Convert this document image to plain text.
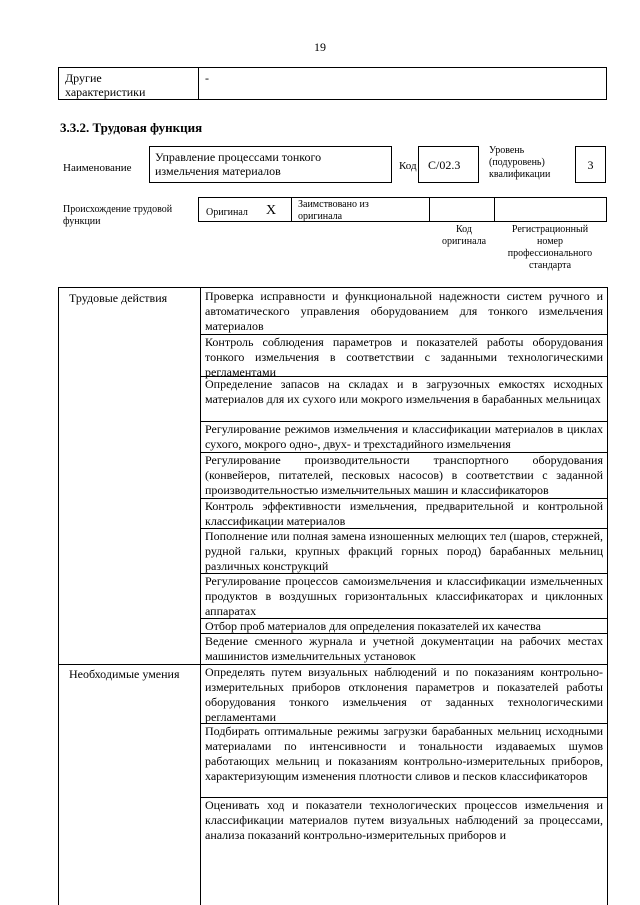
19
Другие характеристики
-
3.3.2. Трудовая функция
Наименование
Управление процессами тонкого измельчения материалов	Код C/02.3
Уровень (подуровень) квалификации
3
Происхождение трудовой функции
Оригинал X Заимствовано из оригинала
Код оригинала
Регистрационный номер профессионального стандарта
Трудовые действия	Проверка исправности и функциональной надежности систем ручного и автоматического управления оборудованием для тонкого измельчения материалов
Контроль соблюдения параметров и показателей работы оборудования тонкого измельчения в соответствии с заданными технологическими регламентами
Определение запасов на складах и в загрузочных емкостях исходных материалов для их сухого или мокрого измельчения в барабанных мельницах
Регулирование режимов измельчения и классификации материалов в циклах сухого, мокрого одно-, двух- и трехстадийного измельчения
Регулирование производительности транспортного оборудования (конвейеров, питателей, песковых насосов) в соответствии с заданной производительностью измельчительных машин и классификаторов
Контроль эффективности измельчения, предварительной и контрольной классификации материалов
Пополнение или полная замена изношенных мелющих тел (шаров, стержней, рудной гальки, крупных фракций горных пород) барабанных мельниц различных конструкций
Регулирование процессов самоизмельчения и классификации измельченных продуктов в воздушных горизонтальных классификаторах и циклонных аппаратах
Отбор проб материалов для определения показателей их качества
Ведение сменного журнала и учетной документации на рабочих местах машинистов измельчительных установок
Необходимые умения Определять путем визуальных наблюдений и по показаниям контрольно-измерительных приборов отклонения параметров и показателей работы оборудования тонкого измельчения от заданных технологическими регламентами
Подбирать оптимальные режимы загрузки барабанных мельниц исходными материалами по интенсивности и тональности издаваемых шумов работающих мельниц и показаниям контрольно-измерительных приборов, характеризующим изменения плотности сливов и песков классификаторов
Оценивать ход и показатели технологических процессов измельчения и классификации материалов путем визуальных наблюдений за процессами, анализа показаний контрольно-измерительных приборов и
